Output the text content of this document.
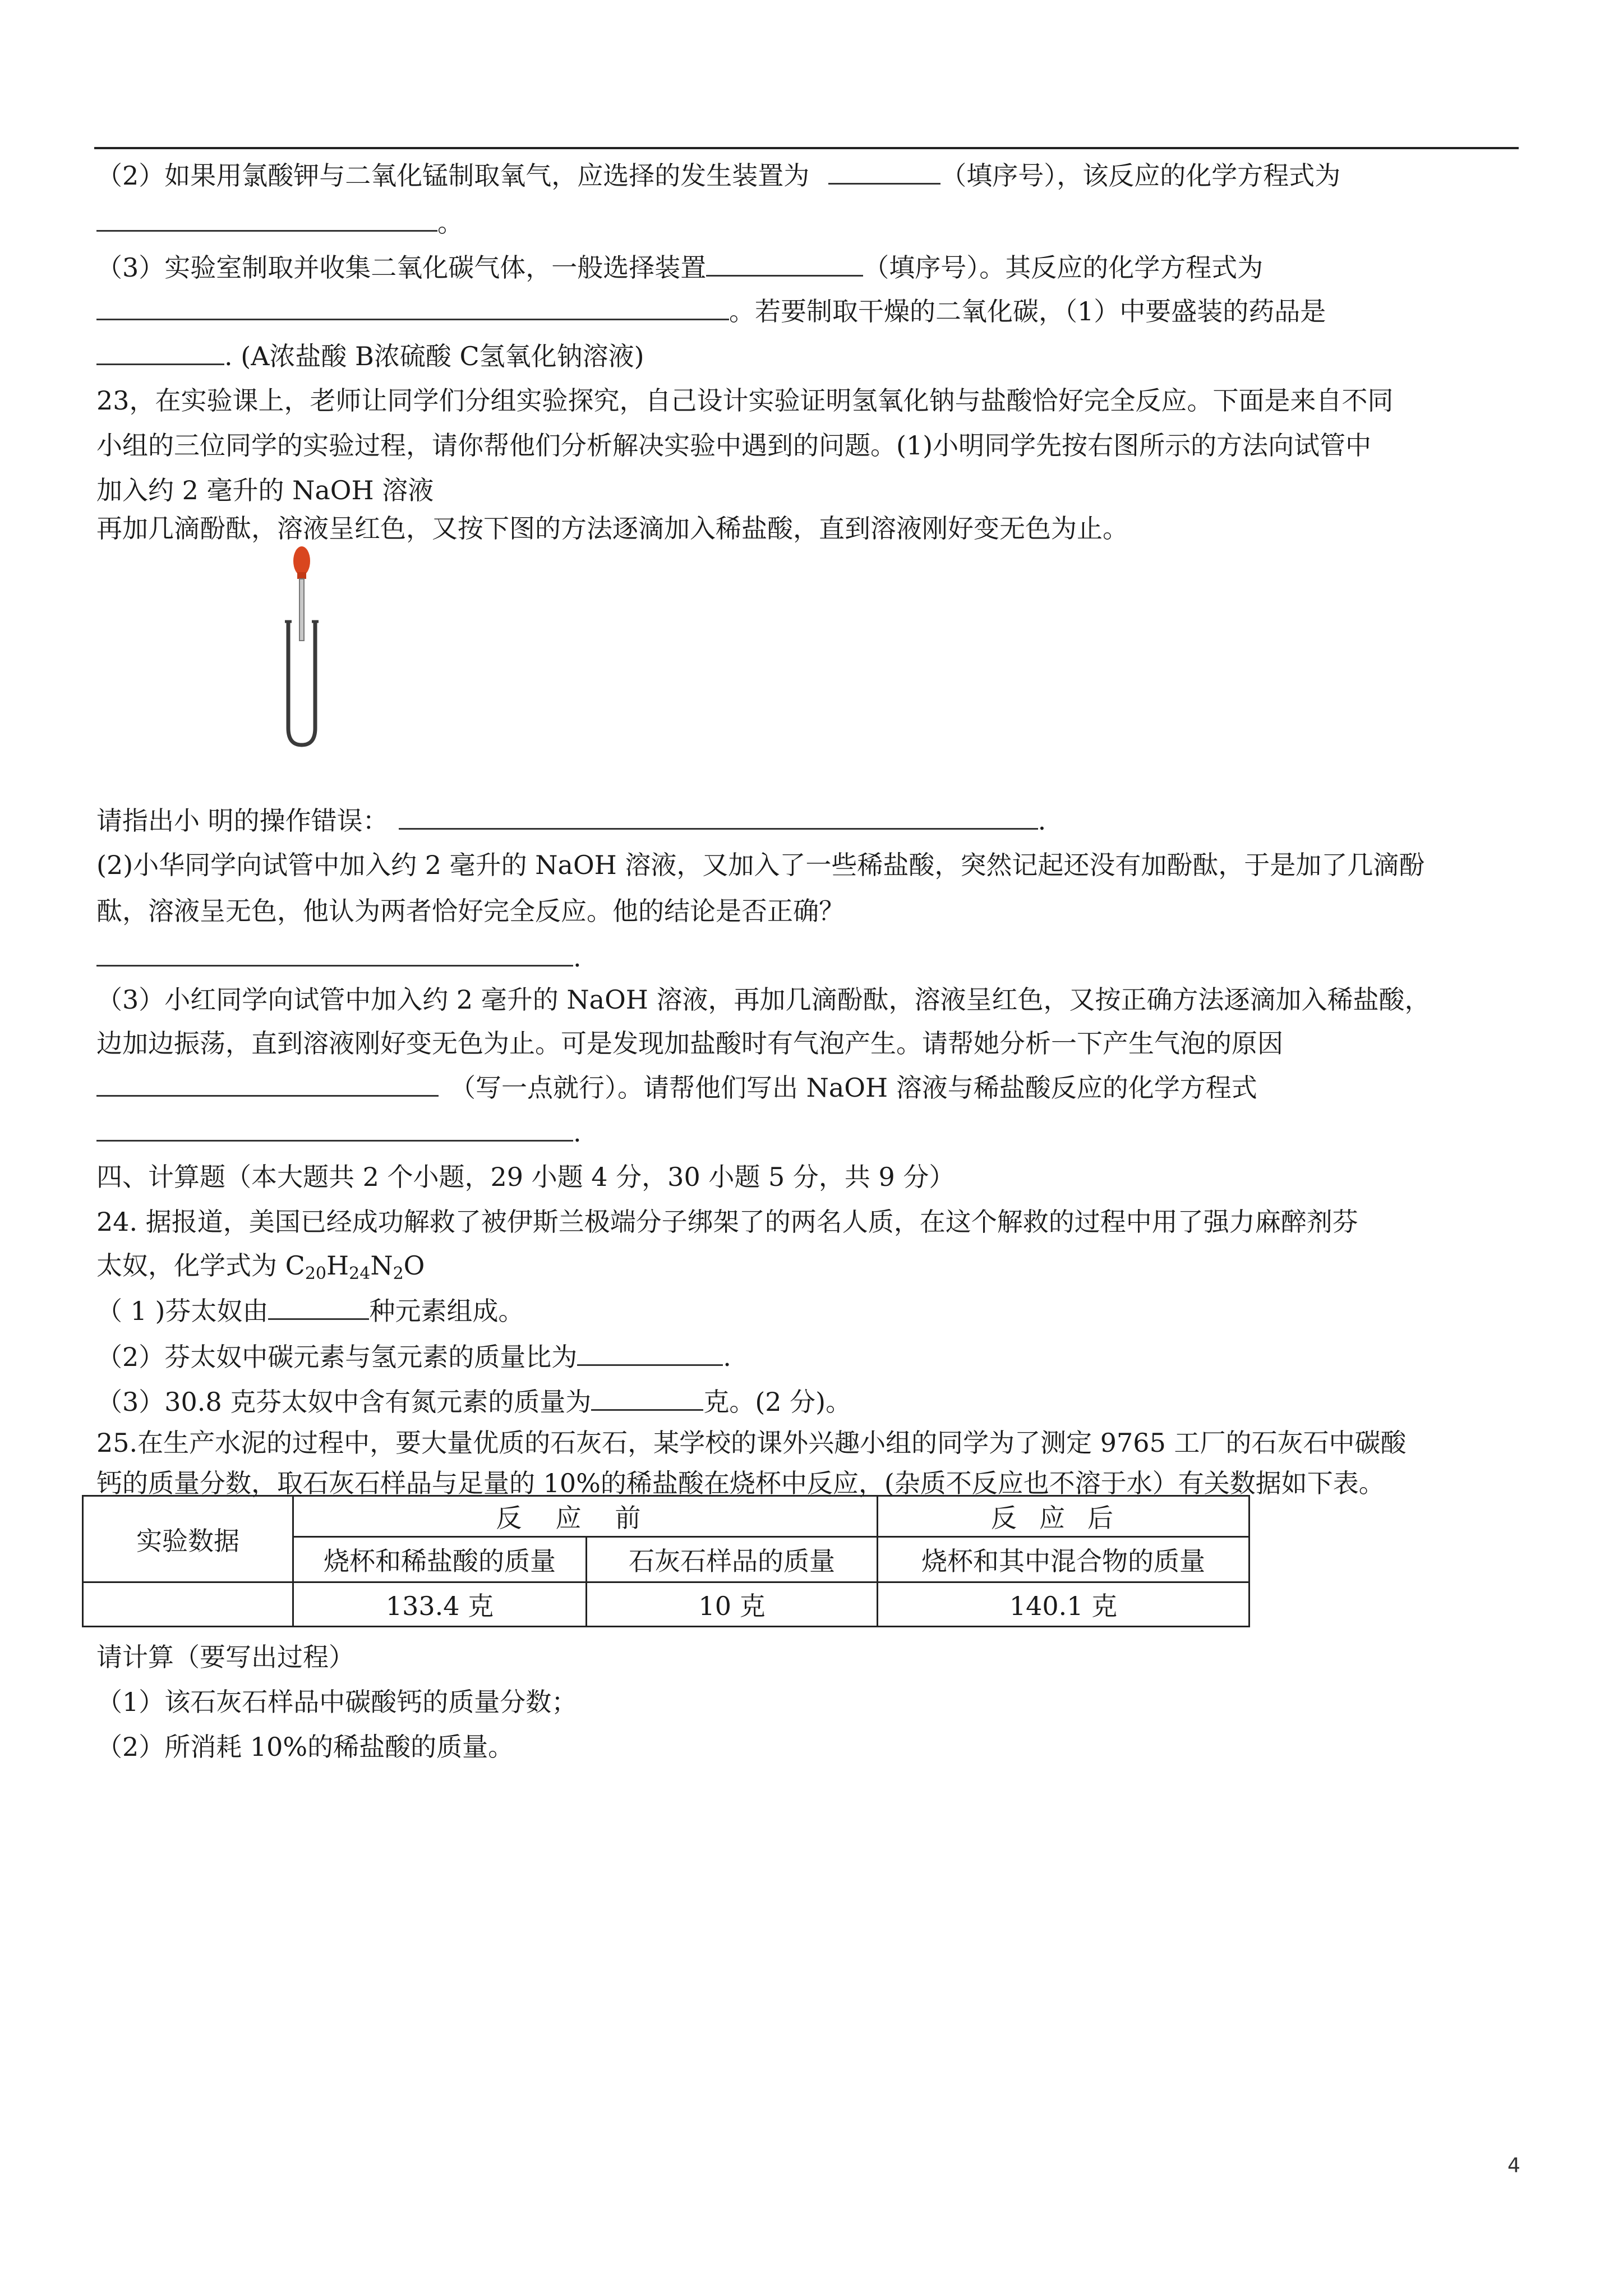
（2）如果用氯酸钾与二氧化锰制取氧气，应选择的发生装置为	（填序号），该反应的化学方程式为
。
（3）实验室制取并收集二氧化碳气体，一般选择装置	（填序号）。其反应的化学方程式为
。若要制取干燥的二氧化碳，（1）中要盛装的药品是
. (A浓盐酸 B浓硫酸 C氢氧化钠溶液)
23，在实验课上，老师让同学们分组实验探究，自己设计实验证明氢氧化钠与盐酸恰好完全反应。下面是来自不同
小组的三位同学的实验过程，请你帮他们分析解决实验中遇到的问题。(1)小明同学先按右图所示的方法向试管中
加入约 2 毫升的 NaOH 溶液
再加几滴酚酞，溶液呈红色，又按下图的方法逐滴加入稀盐酸，直到溶液刚好变无色为止。
请指出小 明的操作错误：	.
(2)小华同学向试管中加入约 2 毫升的 NaOH 溶液，又加入了一些稀盐酸，突然记起还没有加酚酞，于是加了几滴酚
酞，溶液呈无色，他认为两者恰好完全反应。他的结论是否正确？
.
（3）小红同学向试管中加入约 2 毫升的 NaOH 溶液，再加几滴酚酞，溶液呈红色，又按正确方法逐滴加入稀盐酸，
边加边振荡，直到溶液刚好变无色为止。可是发现加盐酸时有气泡产生。请帮她分析一下产生气泡的原因
（写一点就行）。请帮他们写出 NaOH 溶液与稀盐酸反应的化学方程式
.
四、计算题（本大题共 2 个小题，29 小题 4 分，30 小题 5 分，共 9 分）
24. 据报道，美国已经成功解救了被伊斯兰极端分子绑架了的两名人质，在这个解救的过程中用了强力麻醉剂芬
太奴，化学式为 $C_{20}H_{24}N_2O$
（ 1 )芬太奴由	种元素组成。
（2）芬太奴中碳元素与氢元素的质量比为	.
（3）30.8 克芬太奴中含有氮元素的质量为	克。(2 分)。
25.在生产水泥的过程中，要大量优质的石灰石，某学校的课外兴趣小组的同学为了测定 9765 工厂的石灰石中碳酸
钙的质量分数，取石灰石样品与足量的 10%的稀盐酸在烧杯中反应，(杂质不反应也不溶于水）有关数据如下表。
实验数据	反应前		反应后
	烧杯和稀盐酸的质量	石灰石样品的质量	烧杯和其中混合物的质量
	133.4 克	10 克	140.1 克
请计算（要写出过程）
（1）该石灰石样品中碳酸钙的质量分数；
（2）所消耗 10%的稀盐酸的质量。
4
